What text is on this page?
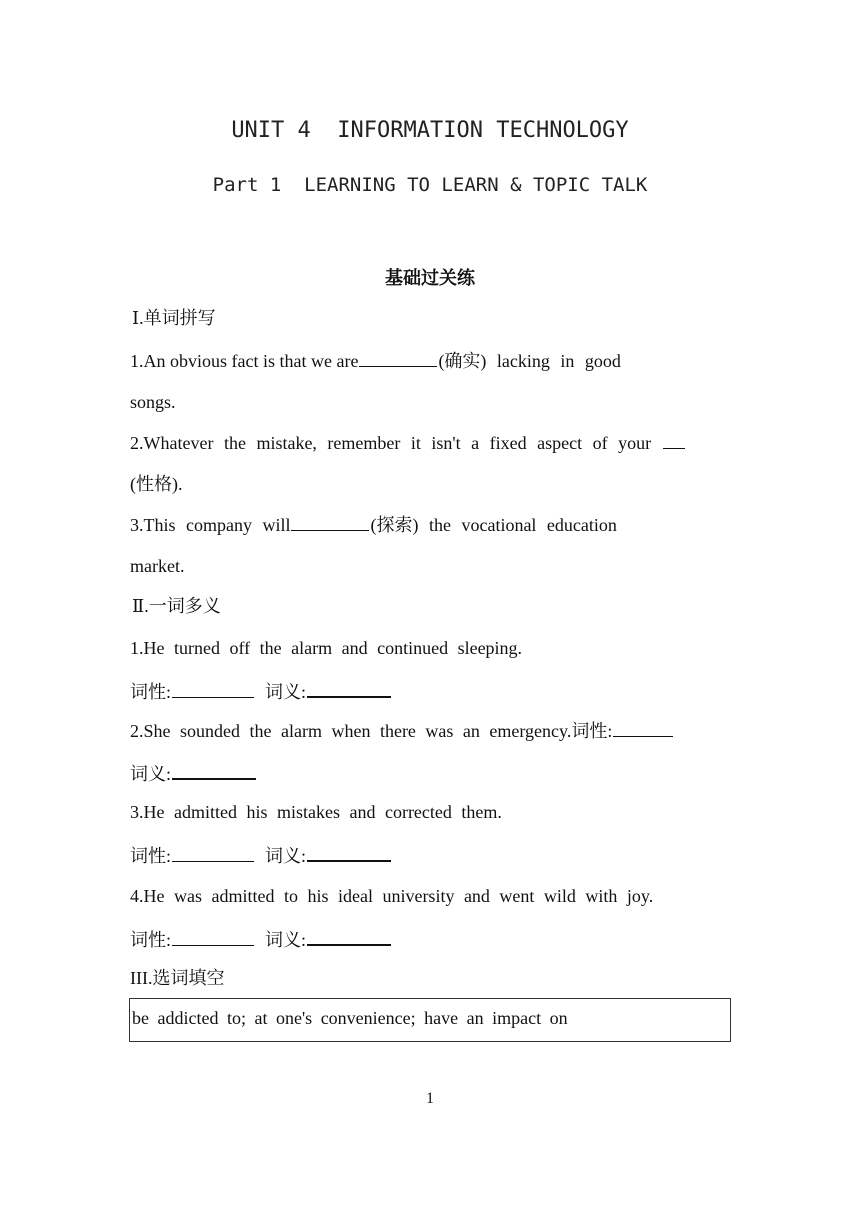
UNIT 4  INFORMATION TECHNOLOGY
Part 1  LEARNING TO LEARN & TOPIC TALK
基础过关练
Ⅰ.单词拼写
1.An obvious fact is that we are	(确实) lacking in good
songs.
2.Whatever the mistake, remember it isn't a fixed aspect of your
(性格).
3.This company will	(探索) the vocational education
market.
Ⅱ.一词多义
1.He turned off the alarm and continued sleeping.
词性:	词义:
2.She sounded the alarm when there was an emergency.词性:
词义:
3.He admitted his mistakes and corrected them.
词性:	词义:
4.He was admitted to his ideal university and went wild with joy.
词性:	词义:
III.选词填空
be addicted to; at one's convenience; have an impact on
1
